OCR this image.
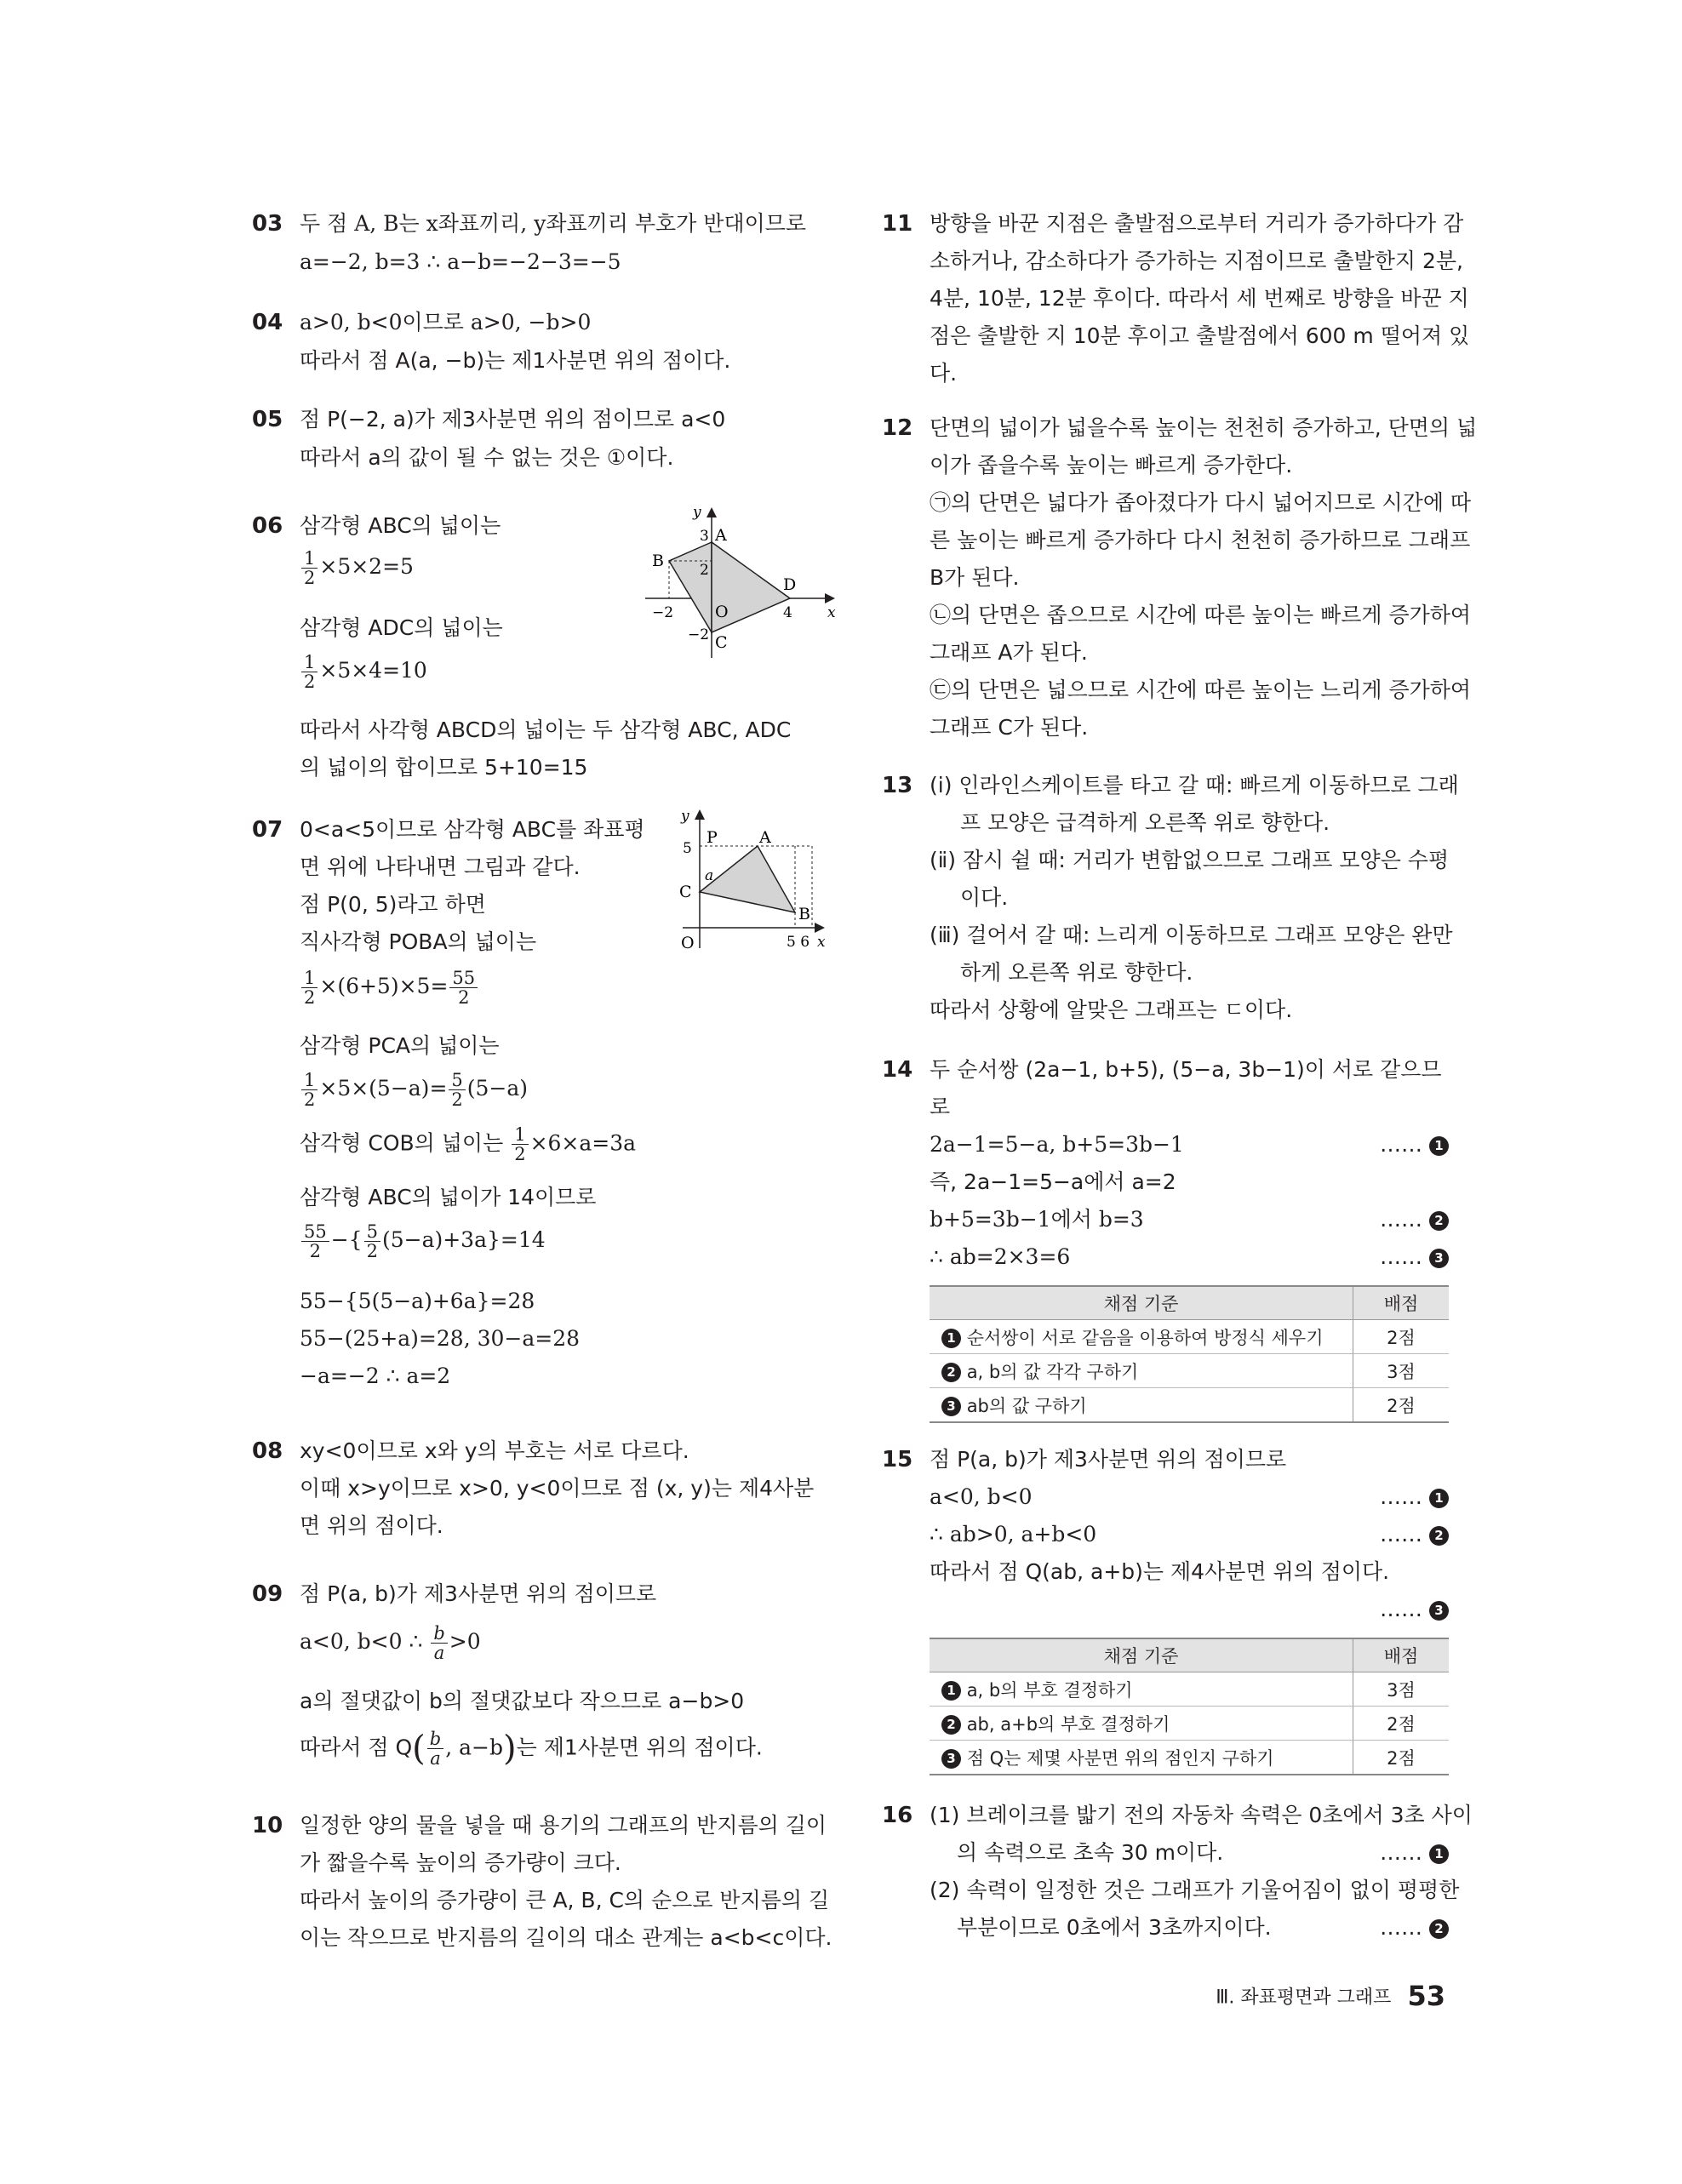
03 두 점 A, B는 x좌표끼리, y좌표끼리 부호가 반대이므로
a=−2, b=3 ∴ a−b=−2−3=−5
04 a>0, b<0이므로 a>0, −b>0
따라서 점 A(a, −b)는 제1사분면 위의 점이다.
05 점 P(−2, a)가 제3사분면 위의 점이므로 a<0
따라서 a의 값이 될 수 없는 것은 ①이다.
06 삼각형 ABC의 넓이는
$\frac{1}{2} \times 5\times 2=5$
삼각형 ADC의 넓이는
$\frac{1}{2} \times 5\times 4=10$
따라서 사각형 ABCD의 넓이는 두 삼각형 ABC, ADC
의 넓이의 합이므로 5+10=15
y
x
A
B
C
D
O
3
2
−2
−2
4
07 0<a<5이므로 삼각형 ABC를 좌표평
면 위에 나타내면 그림과 같다.
점 P(0, 5)라고 하면
직사각형 POBA의 넓이는
$\frac{1}{2} \times(6+5)\times 5= \frac{55}{2}$
삼각형 PCA의 넓이는
$\frac{1}{2} \times 5\times(5-a)= \frac{5}{2} (5-a)$
삼각형 COB의 넓이는 $\frac{1}{2} \times 6\times a=3a$
삼각형 ABC의 넓이가 14이므로
$\frac{55}{2}$ −{ $\frac{5}{2} (5-a)+3a\}=14$
55−{5(5−a)+6a}=28
55−(25+a)=28, 30−a=28
−a=−2 ∴ a=2
y
x
P	A
B
C
O
a
5
5 6
08 xy<0이므로 x와 y의 부호는 서로 다르다.
이때 x>y이므로 x>0, y<0이므로 점 (x, y)는 제4사분
면 위의 점이다.
09 점 P(a, b)가 제3사분면 위의 점이므로
a<0, b<0 ∴ $\frac{b}{a} >0$
a의 절댓값이 b의 절댓값보다 작으므로 a−b>0
따라서 점 $Q( \frac{b}{a}$ , a−b)는 제1사분면 위의 점이다.
10 일정한 양의 물을 넣을 때 용기의 그래프의 반지름의 길이
가 짧을수록 높이의 증가량이 크다.
따라서 높이의 증가량이 큰 A, B, C의 순으로 반지름의 길
이는 작으므로 반지름의 길이의 대소 관계는 a<b<c이다.
11 방향을 바꾼 지점은 출발점으로부터 거리가 증가하다가 감
소하거나, 감소하다가 증가하는 지점이므로 출발한지 2분,
4분, 10분, 12분 후이다. 따라서 세 번째로 방향을 바꾼 지
점은 출발한 지 10분 후이고 출발점에서 600 m 떨어져 있
다.
12 단면의 넓이가 넓을수록 높이는 천천히 증가하고, 단면의 넓
이가 좁을수록 높이는 빠르게 증가한다.
㉠의 단면은 넓다가 좁아졌다가 다시 넓어지므로 시간에 따
른 높이는 빠르게 증가하다 다시 천천히 증가하므로 그래프
B가 된다.
㉡의 단면은 좁으므로 시간에 따른 높이는 빠르게 증가하여
그래프 A가 된다.
㉢의 단면은 넓으므로 시간에 따른 높이는 느리게 증가하여
그래프 C가 된다.
13 (ⅰ) 인라인스케이트를 타고 갈 때: 빠르게 이동하므로 그래
프 모양은 급격하게 오른쪽 위로 향한다.
(ⅱ) 잠시 쉴 때: 거리가 변함없으므로 그래프 모양은 수평
이다.
(ⅲ) 걸어서 갈 때: 느리게 이동하므로 그래프 모양은 완만
하게 오른쪽 위로 향한다.
따라서 상황에 알맞은 그래프는 ㄷ이다.
14 두 순서쌍 (2a−1, b+5), (5−a, 3b−1)이 서로 같으므
로
2a−1=5−a, b+5=3b−1	…… 1
즉, 2a−1=5−a에서 a=2
b+5=3b−1에서 b=3	…… 2
∴ ab=2×3=6	…… 3
채점 기준	배점
1 순서쌍이 서로 같음을 이용하여 방정식 세우기	2점
2 a, b의 값 각각 구하기	3점
3 ab의 값 구하기	2점
15 점 P(a, b)가 제3사분면 위의 점이므로
a<0, b<0	…… 1
∴ ab>0, a+b<0	…… 2
따라서 점 Q(ab, a+b)는 제4사분면 위의 점이다.
…… 3
채점 기준	배점
1 a, b의 부호 결정하기	3점
2 ab, a+b의 부호 결정하기	2점
3 점 Q는 제몇 사분면 위의 점인지 구하기	2점
16 (1) 브레이크를 밟기 전의 자동차 속력은 0초에서 3초 사이
의 속력으로 초속 30 m이다.	…… 1
(2) 속력이 일정한 것은 그래프가 기울어짐이 없이 평평한
부분이므로 0초에서 3초까지이다.	…… 2
Ⅲ. 좌표평면과 그래프 53
